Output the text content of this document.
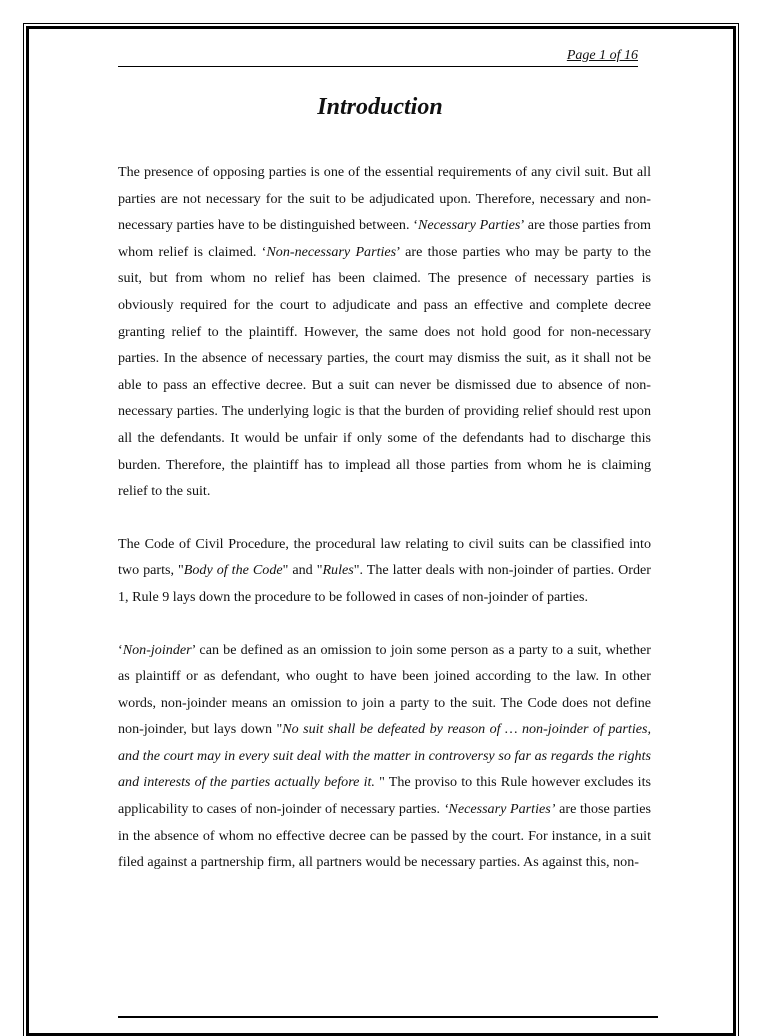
Page 1 of 16
Introduction

The presence of opposing parties is one of the essential requirements of any civil suit. But all parties are not necessary for the suit to be adjudicated upon. Therefore, necessary and non-necessary parties have to be distinguished between. ‘Necessary Parties’ are those parties from whom relief is claimed. ‘Non-necessary Parties’ are those parties who may be party to the suit, but from whom no relief has been claimed. The presence of necessary parties is obviously required for the court to adjudicate and pass an effective and complete decree granting relief to the plaintiff. However, the same does not hold good for non-necessary parties. In the absence of necessary parties, the court may dismiss the suit, as it shall not be able to pass an effective decree. But a suit can never be dismissed due to absence of non-necessary parties. The underlying logic is that the burden of providing relief should rest upon all the defendants. It would be unfair if only some of the defendants had to discharge this burden. Therefore, the plaintiff has to implead all those parties from whom he is claiming relief to the suit.

The Code of Civil Procedure, the procedural law relating to civil suits can be classified into two parts, "Body of the Code" and "Rules". The latter deals with non-joinder of parties. Order 1, Rule 9 lays down the procedure to be followed in cases of non-joinder of parties.

‘Non-joinder’ can be defined as an omission to join some person as a party to a suit, whether as plaintiff or as defendant, who ought to have been joined according to the law. In other words, non-joinder means an omission to join a party to the suit. The Code does not define non-joinder, but lays down "No suit shall be defeated by reason of … non-joinder of parties, and the court may in every suit deal with the matter in controversy so far as regards the rights and interests of the parties actually before it. " The proviso to this Rule however excludes its applicability to cases of non-joinder of necessary parties. ‘Necessary Parties’ are those parties in the absence of whom no effective decree can be passed by the court. For instance, in a suit filed against a partnership firm, all partners would be necessary parties. As against this, non-
